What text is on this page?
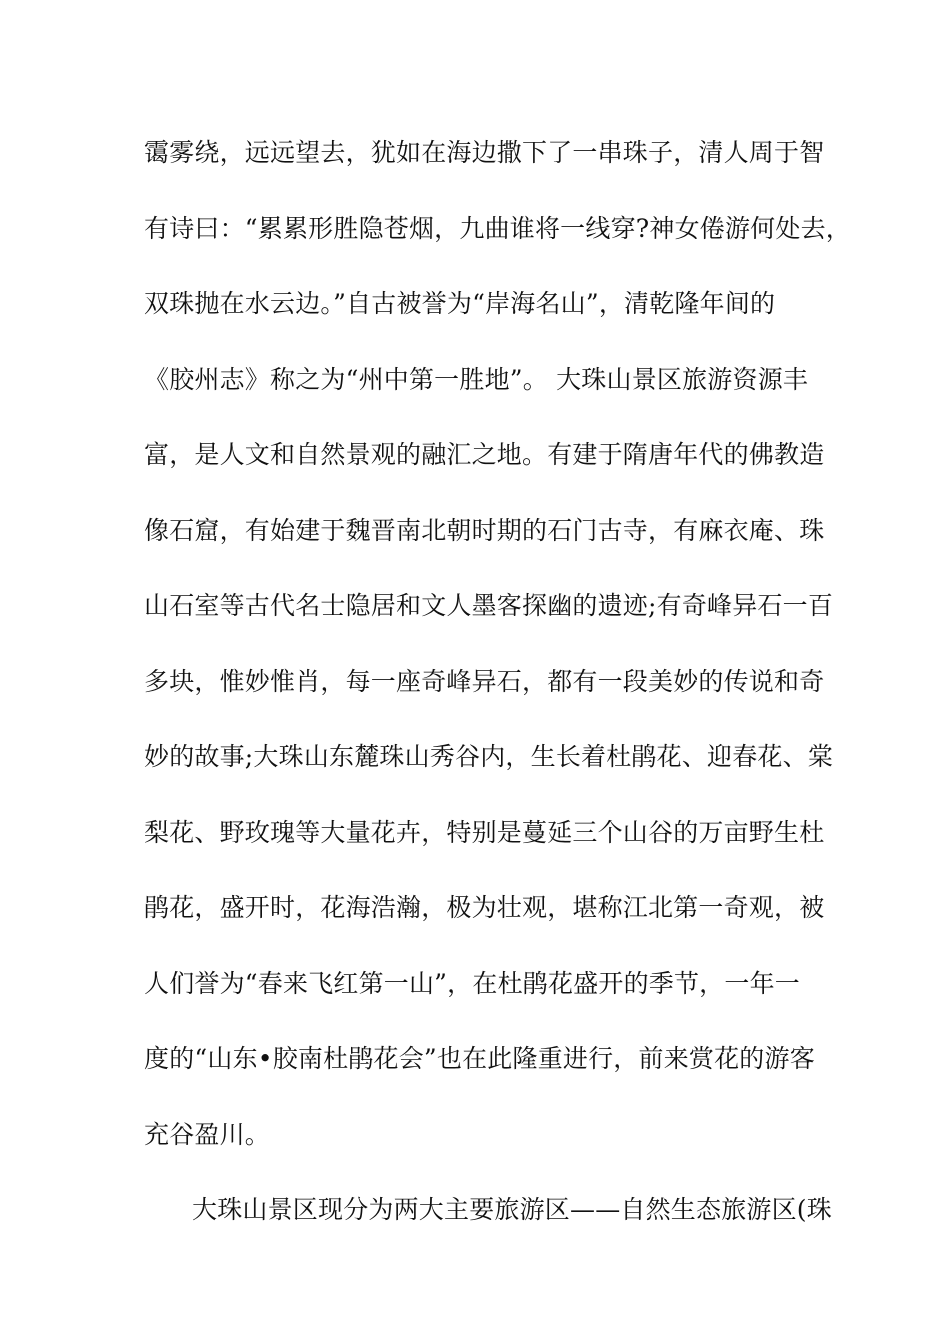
霭雾绕，远远望去，犹如在海边撒下了一串珠子，清人周于智
有诗曰：“累累形胜隐苍烟，九曲谁将一线穿?神女倦游何处去，
双珠抛在水云边。”自古被誉为“岸海名山”，清乾隆年间的
《胶州志》称之为“州中第一胜地”。 大珠山景区旅游资源丰
富，是人文和自然景观的融汇之地。有建于隋唐年代的佛教造
像石窟，有始建于魏晋南北朝时期的石门古寺，有麻衣庵、珠
山石室等古代名士隐居和文人墨客探幽的遗迹;有奇峰异石一百
多块，惟妙惟肖，每一座奇峰异石，都有一段美妙的传说和奇
妙的故事;大珠山东麓珠山秀谷内，生长着杜鹃花、迎春花、棠
梨花、野玫瑰等大量花卉，特别是蔓延三个山谷的万亩野生杜
鹃花，盛开时，花海浩瀚，极为壮观，堪称江北第一奇观，被
人们誉为“春来飞红第一山”，在杜鹃花盛开的季节，一年一
度的“山东•胶南杜鹃花会”也在此隆重进行，前来赏花的游客
充谷盈川。
大珠山景区现分为两大主要旅游区——自然生态旅游区(珠
